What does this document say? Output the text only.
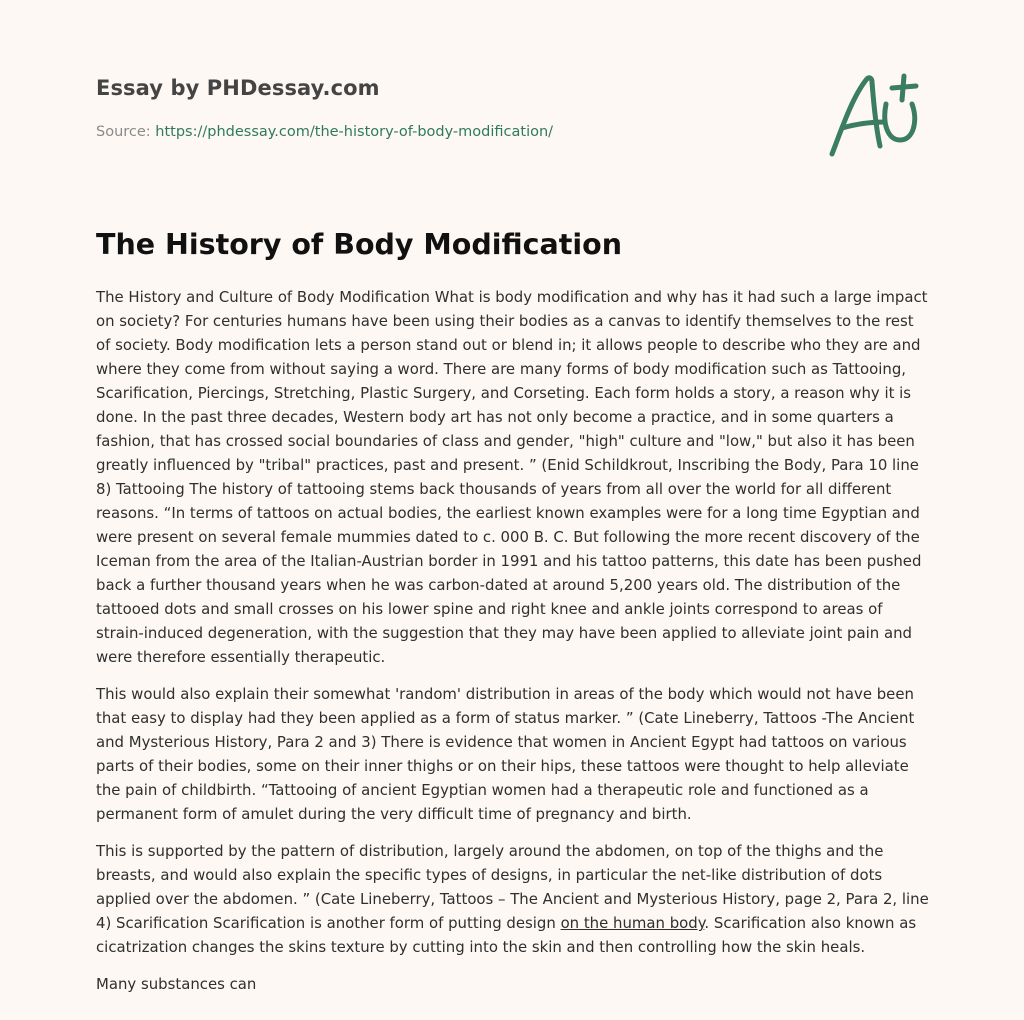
Essay by PHDessay.com
Source: https://phdessay.com/the-history-of-body-modification/
The History of Body Modification

The History and Culture of Body Modification What is body modification and why has it had such a large impact on society? For centuries humans have been using their bodies as a canvas to identify themselves to the rest of society. Body modification lets a person stand out or blend in; it allows people to describe who they are and where they come from without saying a word. There are many forms of body modification such as Tattooing, Scarification, Piercings, Stretching, Plastic Surgery, and Corseting. Each form holds a story, a reason why it is done. In the past three decades, Western body art has not only become a practice, and in some quarters a fashion, that has crossed social boundaries of class and gender, "high" culture and "low," but also it has been greatly influenced by "tribal" practices, past and present. ” (Enid Schildkrout, Inscribing the Body, Para 10 line 8) Tattooing The history of tattooing stems back thousands of years from all over the world for all different reasons. “In terms of tattoos on actual bodies, the earliest known examples were for a long time Egyptian and were present on several female mummies dated to c. 000 B. C. But following the more recent discovery of the Iceman from the area of the Italian-Austrian border in 1991 and his tattoo patterns, this date has been pushed back a further thousand years when he was carbon-dated at around 5,200 years old. The distribution of the tattooed dots and small crosses on his lower spine and right knee and ankle joints correspond to areas of strain-induced degeneration, with the suggestion that they may have been applied to alleviate joint pain and were therefore essentially therapeutic.

This would also explain their somewhat 'random' distribution in areas of the body which would not have been that easy to display had they been applied as a form of status marker. ” (Cate Lineberry, Tattoos -The Ancient and Mysterious History, Para 2 and 3) There is evidence that women in Ancient Egypt had tattoos on various parts of their bodies, some on their inner thighs or on their hips, these tattoos were thought to help alleviate the pain of childbirth. “Tattooing of ancient Egyptian women had a therapeutic role and functioned as a permanent form of amulet during the very difficult time of pregnancy and birth.

This is supported by the pattern of distribution, largely around the abdomen, on top of the thighs and the breasts, and would also explain the specific types of designs, in particular the net-like distribution of dots applied over the abdomen. ” (Cate Lineberry, Tattoos – The Ancient and Mysterious History, page 2, Para 2, line 4) Scarification Scarification is another form of putting design on the human body. Scarification also known as cicatrization changes the skins texture by cutting into the skin and then controlling how the skin heals.

Many substances can
